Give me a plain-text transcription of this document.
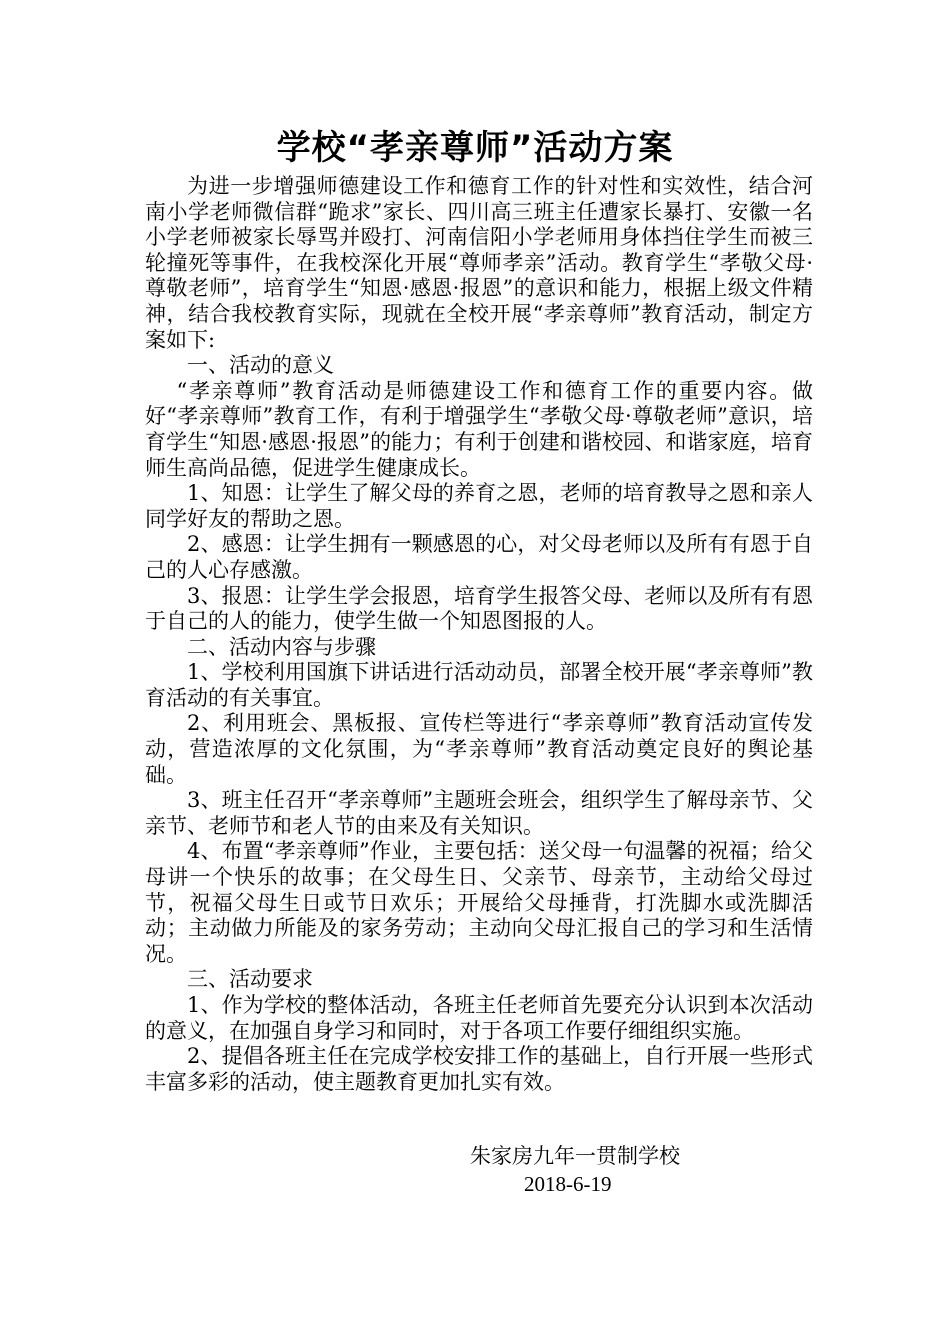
学校“孝亲尊师”活动方案

为进一步增强师德建设工作和德育工作的针对性和实效性，结合河南小学老师微信群“跪求”家长、四川高三班主任遭家长暴打、安徽一名小学老师被家长辱骂并殴打、河南信阳小学老师用身体挡住学生而被三轮撞死等事件，在我校深化开展“尊师孝亲”活动。教育学生“孝敬父母·尊敬老师”，培育学生“知恩·感恩·报恩”的意识和能力，根据上级文件精神，结合我校教育实际，现就在全校开展“孝亲尊师”教育活动，制定方案如下:

一、活动的意义

“孝亲尊师”教育活动是师德建设工作和德育工作的重要内容。做好“孝亲尊师”教育工作，有利于增强学生“孝敬父母·尊敬老师”意识，培育学生“知恩·感恩·报恩”的能力；有利于创建和谐校园、和谐家庭，培育师生高尚品德，促进学生健康成长。

1、知恩：让学生了解父母的养育之恩，老师的培育教导之恩和亲人同学好友的帮助之恩。

2、感恩：让学生拥有一颗感恩的心，对父母老师以及所有有恩于自己的人心存感激。

3、报恩：让学生学会报恩，培育学生报答父母、老师以及所有有恩于自己的人的能力，使学生做一个知恩图报的人。

二、活动内容与步骤

1、学校利用国旗下讲话进行活动动员，部署全校开展“孝亲尊师”教育活动的有关事宜。

2、利用班会、黑板报、宣传栏等进行“孝亲尊师”教育活动宣传发动，营造浓厚的文化氛围，为“孝亲尊师”教育活动奠定良好的舆论基础。

3、班主任召开“孝亲尊师”主题班会班会，组织学生了解母亲节、父亲节、老师节和老人节的由来及有关知识。

4、布置“孝亲尊师”作业，主要包括：送父母一句温馨的祝福；给父母讲一个快乐的故事；在父母生日、父亲节、母亲节，主动给父母过节，祝福父母生日或节日欢乐；开展给父母捶背，打洗脚水或洗脚活动；主动做力所能及的家务劳动；主动向父母汇报自己的学习和生活情况。

三、活动要求

1、作为学校的整体活动，各班主任老师首先要充分认识到本次活动的意义，在加强自身学习和同时，对于各项工作要仔细组织实施。

2、提倡各班主任在完成学校安排工作的基础上，自行开展一些形式丰富多彩的活动，使主题教育更加扎实有效。

朱家房九年一贯制学校

2018-6-19
